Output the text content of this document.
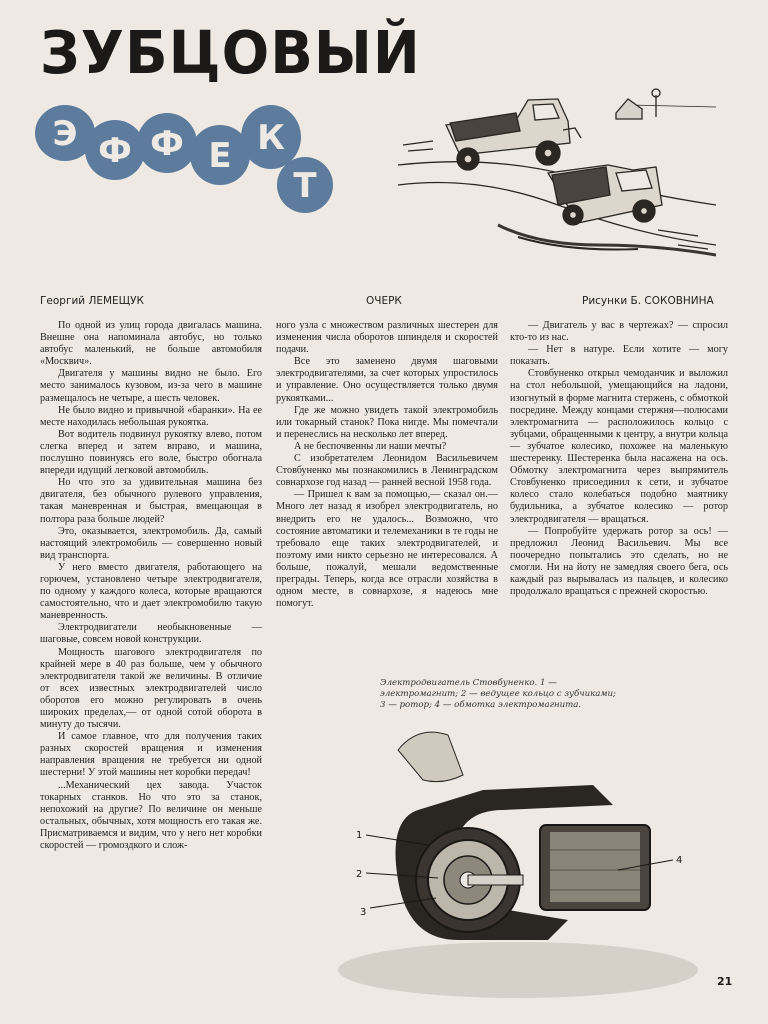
ЗУБЦОВЫЙ
Э Ф Ф Е К
Т
Георгий ЛЕМЕЩУК	ОЧЕРК	Рисунки Б. СОКОВНИНА

По одной из улиц города двигалась машина. Внешне она напоминала автобус, но только автобус маленький, не больше автомобиля «Москвич».

Двигателя у машины видно не было. Его место занималось кузовом, из-за чего в машине размещалось не четыре, а шесть человек.

Не было видно и привычной «баранки». На ее месте находилась небольшая рукоятка.

Вот водитель подвинул рукоятку влево, потом слегка вперед и затем вправо, и машина, послушно повинуясь его воле, быстро обогнала впереди идущий легковой автомобиль.

Но что это за удивительная машина без двигателя, без обычного рулевого управления, такая маневренная и быстрая, вмещающая в полтора раза больше людей?

Это, оказывается, электромобиль. Да, самый настоящий электромобиль — совершенно новый вид транспорта.

У него вместо двигателя, работающего на горючем, установлено четыре электродвигателя, по одному у каждого колеса, которые вращаются самостоятельно, что и дает электромобилю такую маневренность.

Электродвигатели необыкновенные — шаговые, совсем новой конструкции.

Мощность шагового электродвигателя по крайней мере в 40 раз больше, чем у обычного электродвигателя такой же величины. В отличие от всех известных электродвигателей число оборотов его можно регулировать в очень широких пределах,— от одной сотой оборота в минуту до тысячи.

И самое главное, что для получения таких разных скоростей вращения и изменения направления вращения не требуется ни одной шестерни! У этой машины нет коробки передач!

...Механический цех завода. Участок токарных станков. Но что это за станок, непохожий на другие? По величине он меньше остальных, обычных, хотя мощность его такая же. Присматриваемся и видим, что у него нет коробки скоростей — громоздкого и слож-

ного узла с множеством различных шестерен для изменения числа оборотов шпинделя и скоростей подачи.

Все это заменено двумя шаговыми электродвигателями, за счет которых упростилось и управление. Оно осуществляется только двумя рукоятками...

Где же можно увидеть такой электромобиль или токарный станок? Пока нигде. Мы помечтали и перенеслись на несколько лет вперед.

А не беспочвенны ли наши мечты?

С изобретателем Леонидом Васильевичем Стовбуненко мы познакомились в Ленинградском совнархозе год назад — ранней весной 1958 года.

— Пришел к вам за помощью,— сказал он.— Много лет назад я изобрел электродвигатель, но внедрить его не удалось... Возможно, что состояние автоматики и телемеханики в те годы не требовало еще таких электродвигателей, и поэтому ими никто серьезно не интересовался. А больше, пожалуй, мешали ведомственные преграды. Теперь, когда все отрасли хозяйства в одном месте, в совнархозе, я надеюсь мне помогут.

— Двигатель у вас в чертежах? — спросил кто-то из нас.

— Нет в натуре. Если хотите — могу показать.

Стовбуненко открыл чемоданчик и выложил на стол небольшой, умещающийся на ладони, изогнутый в форме магнита стержень, с обмоткой посредине. Между концами стержня—полюсами электромагнита — расположилось кольцо с зубцами, обращенными к центру, а внутри кольца — зубчатое колесико, похожее на маленькую шестеренку. Шестеренка была насажена на ось. Обмотку электромагнита через выпрямитель Стовбуненко присоединил к сети, и зубчатое колесо стало колебаться подобно маятнику будильника, а зубчатое колесико — ротор электродвигателя — вращаться.

— Попробуйте удержать ротор за ось! — предложил Леонид Васильевич. Мы все поочередно попытались это сделать, но не смогли. Ни на йоту не замедляя своего бега, ось каждый раз вырывалась из пальцев, и колесико продолжало вращаться с прежней скоростью.

Электродвигатель Стовбуненко. 1 — электромагнит; 2 — ведущее кольцо с зубчиками; 3 — ротор; 4 — обмотка электромагнита.
1
2
3
4
21
